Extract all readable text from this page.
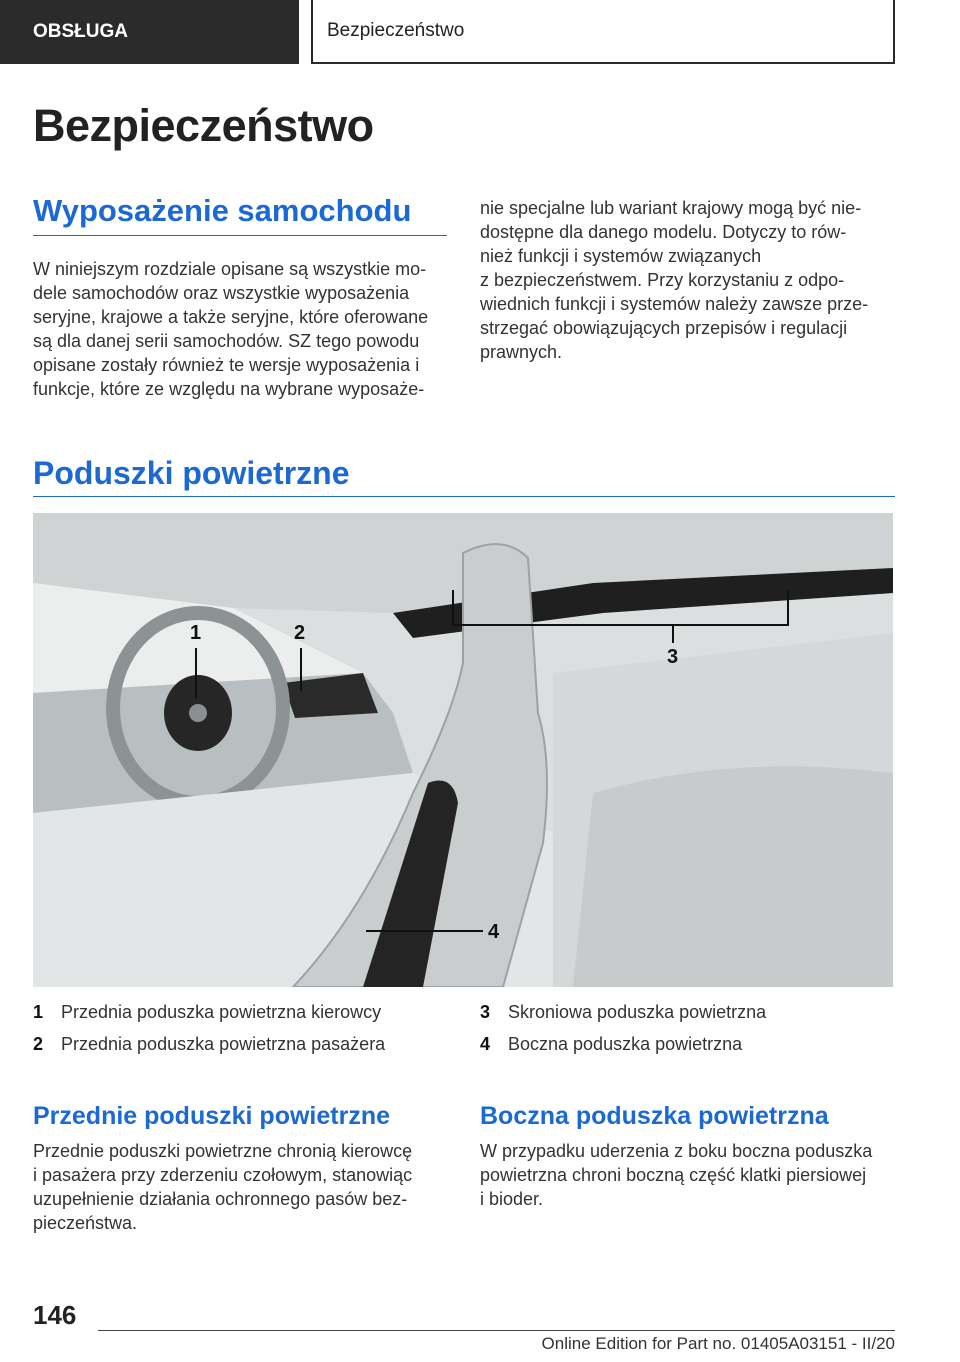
OBSŁUGA	Bezpieczeństwo
Bezpieczeństwo
Wyposażenie samochodu

W niniejszym rozdziale opisane są wszystkie mo-
dele samochodów oraz wszystkie wyposażenia
seryjne, krajowe a także seryjne, które oferowane
są dla danej serii samochodów. SZ tego powodu
opisane zostały również te wersje wyposażenia i
funkcje, które ze względu na wybrane wyposaże-

nie specjalne lub wariant krajowy mogą być nie-
dostępne dla danego modelu. Dotyczy to rów-
nież funkcji i systemów związanych
z bezpieczeństwem. Przy korzystaniu z odpo-
wiednich funkcji i systemów należy zawsze prze-
strzegać obowiązujących przepisów i regulacji
prawnych.

Poduszki powietrzne
1	2
3
4
1 Przednia poduszka powietrzna kierowcy
2 Przednia poduszka powietrzna pasażera
3 Skroniowa poduszka powietrzna
4 Boczna poduszka powietrzna
Przednie poduszki powietrzne

Przednie poduszki powietrzne chronią kierowcę
i pasażera przy zderzeniu czołowym, stanowiąc
uzupełnienie działania ochronnego pasów bez-
pieczeństwa.

Boczna poduszka powietrzna

W przypadku uderzenia z boku boczna poduszka
powietrzna chroni boczną część klatki piersiowej
i bioder.

146
Online Edition for Part no. 01405A03151 - II/20
